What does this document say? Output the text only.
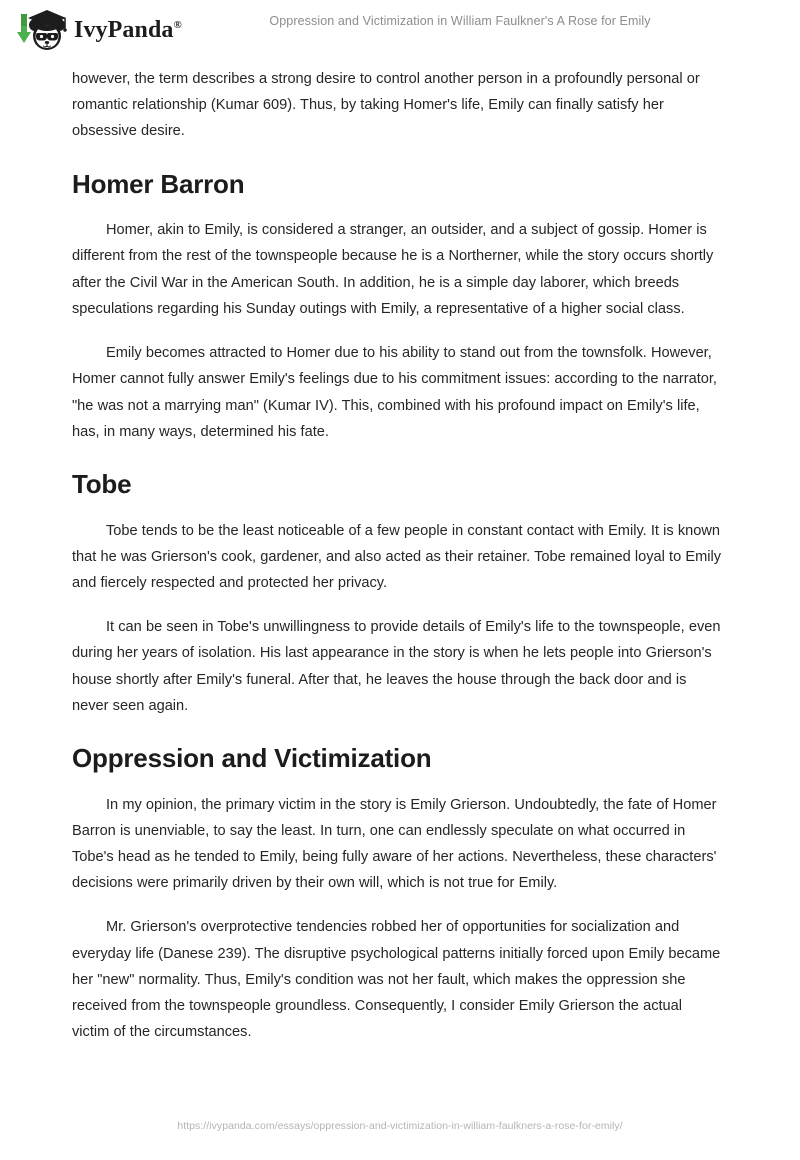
IvyPanda®	Oppression and Victimization in William Faulkner's A Rose for Emily

however, the term describes a strong desire to control another person in a profoundly personal or romantic relationship (Kumar 609). Thus, by taking Homer's life, Emily can finally satisfy her obsessive desire.

Homer Barron

Homer, akin to Emily, is considered a stranger, an outsider, and a subject of gossip. Homer is different from the rest of the townspeople because he is a Northerner, while the story occurs shortly after the Civil War in the American South. In addition, he is a simple day laborer, which breeds speculations regarding his Sunday outings with Emily, a representative of a higher social class.

Emily becomes attracted to Homer due to his ability to stand out from the townsfolk. However, Homer cannot fully answer Emily's feelings due to his commitment issues: according to the narrator, "he was not a marrying man" (Kumar IV). This, combined with his profound impact on Emily's life, has, in many ways, determined his fate.

Tobe

Tobe tends to be the least noticeable of a few people in constant contact with Emily. It is known that he was Grierson's cook, gardener, and also acted as their retainer. Tobe remained loyal to Emily and fiercely respected and protected her privacy.

It can be seen in Tobe's unwillingness to provide details of Emily's life to the townspeople, even during her years of isolation. His last appearance in the story is when he lets people into Grierson's house shortly after Emily's funeral. After that, he leaves the house through the back door and is never seen again.

Oppression and Victimization

In my opinion, the primary victim in the story is Emily Grierson. Undoubtedly, the fate of Homer Barron is unenviable, to say the least. In turn, one can endlessly speculate on what occurred in Tobe's head as he tended to Emily, being fully aware of her actions. Nevertheless, these characters' decisions were primarily driven by their own will, which is not true for Emily.

Mr. Grierson's overprotective tendencies robbed her of opportunities for socialization and everyday life (Danese 239). The disruptive psychological patterns initially forced upon Emily became her "new" normality. Thus, Emily's condition was not her fault, which makes the oppression she received from the townspeople groundless. Consequently, I consider Emily Grierson the actual victim of the circumstances.

https://ivypanda.com/essays/oppression-and-victimization-in-william-faulkners-a-rose-for-emily/
